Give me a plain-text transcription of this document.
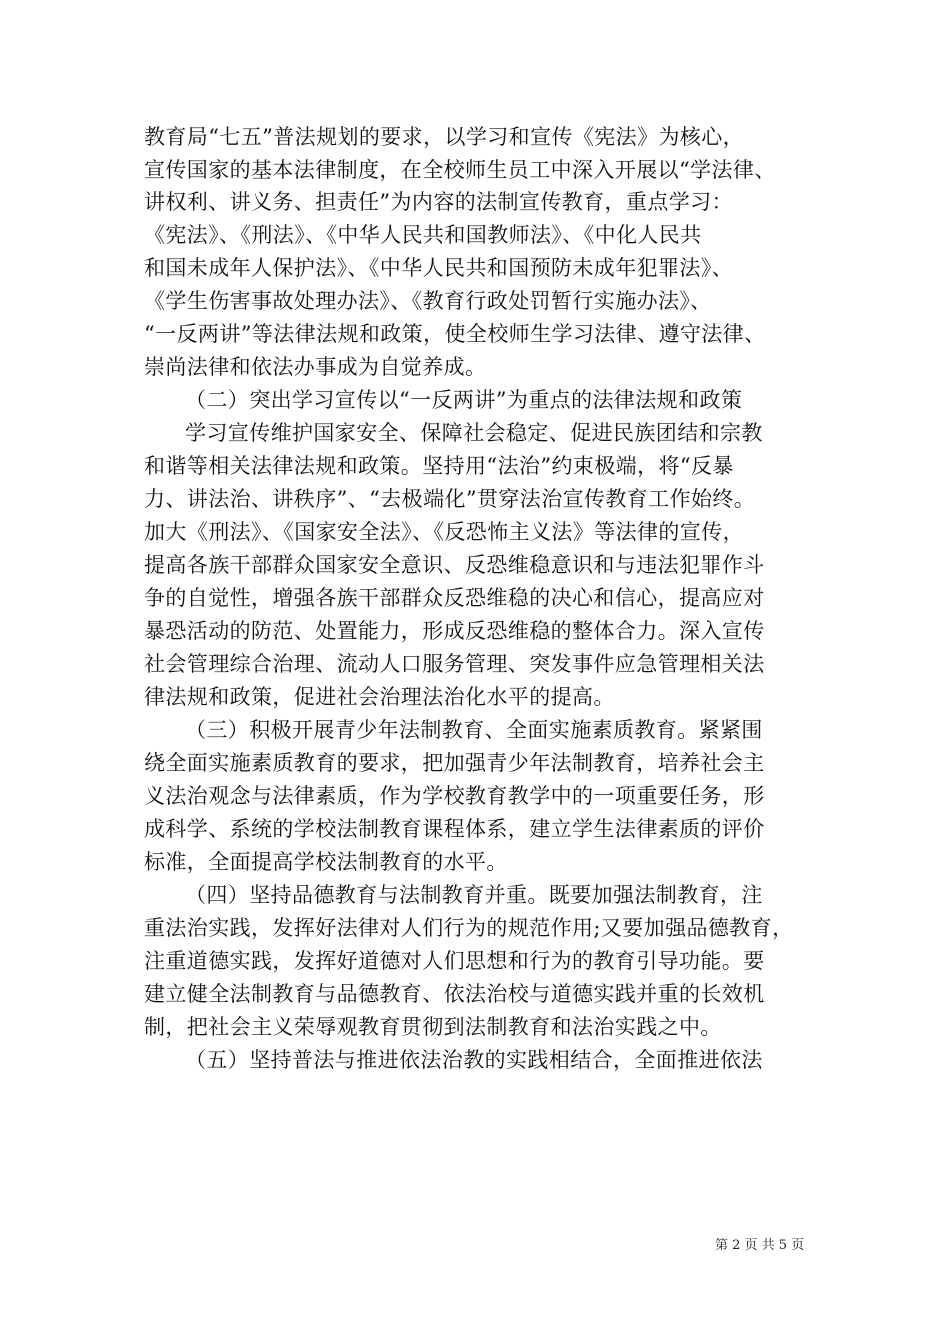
教育局“七五”普法规划的要求，以学习和宣传《宪法》为核心，
宣传国家的基本法律制度，在全校师生员工中深入开展以“学法律、
讲权利、讲义务、担责任”为内容的法制宣传教育，重点学习：
《宪法》、《刑法》、《中华人民共和国教师法》、《中化人民共
和国未成年人保护法》、《中华人民共和国预防未成年犯罪法》、
《学生伤害事故处理办法》、《教育行政处罚暂行实施办法》、
“一反两讲”等法律法规和政策，使全校师生学习法律、遵守法律、
崇尚法律和依法办事成为自觉养成。
（二）突出学习宣传以“一反两讲”为重点的法律法规和政策
学习宣传维护国家安全、保障社会稳定、促进民族团结和宗教
和谐等相关法律法规和政策。坚持用“法治”约束极端，将“反暴
力、讲法治、讲秩序”、“去极端化”贯穿法治宣传教育工作始终。
加大《刑法》、《国家安全法》、《反恐怖主义法》等法律的宣传，
提高各族干部群众国家安全意识、反恐维稳意识和与违法犯罪作斗
争的自觉性，增强各族干部群众反恐维稳的决心和信心，提高应对
暴恐活动的防范、处置能力，形成反恐维稳的整体合力。深入宣传
社会管理综合治理、流动人口服务管理、突发事件应急管理相关法
律法规和政策，促进社会治理法治化水平的提高。
（三）积极开展青少年法制教育、全面实施素质教育。紧紧围
绕全面实施素质教育的要求，把加强青少年法制教育，培养社会主
义法治观念与法律素质，作为学校教育教学中的一项重要任务，形
成科学、系统的学校法制教育课程体系，建立学生法律素质的评价
标准，全面提高学校法制教育的水平。
（四）坚持品德教育与法制教育并重。既要加强法制教育，注
重法治实践，发挥好法律对人们行为的规范作用;又要加强品德教育，
注重道德实践，发挥好道德对人们思想和行为的教育引导功能。要
建立健全法制教育与品德教育、依法治校与道德实践并重的长效机
制，把社会主义荣辱观教育贯彻到法制教育和法治实践之中。
（五）坚持普法与推进依法治教的实践相结合，全面推进依法
第 2 页 共 5 页
